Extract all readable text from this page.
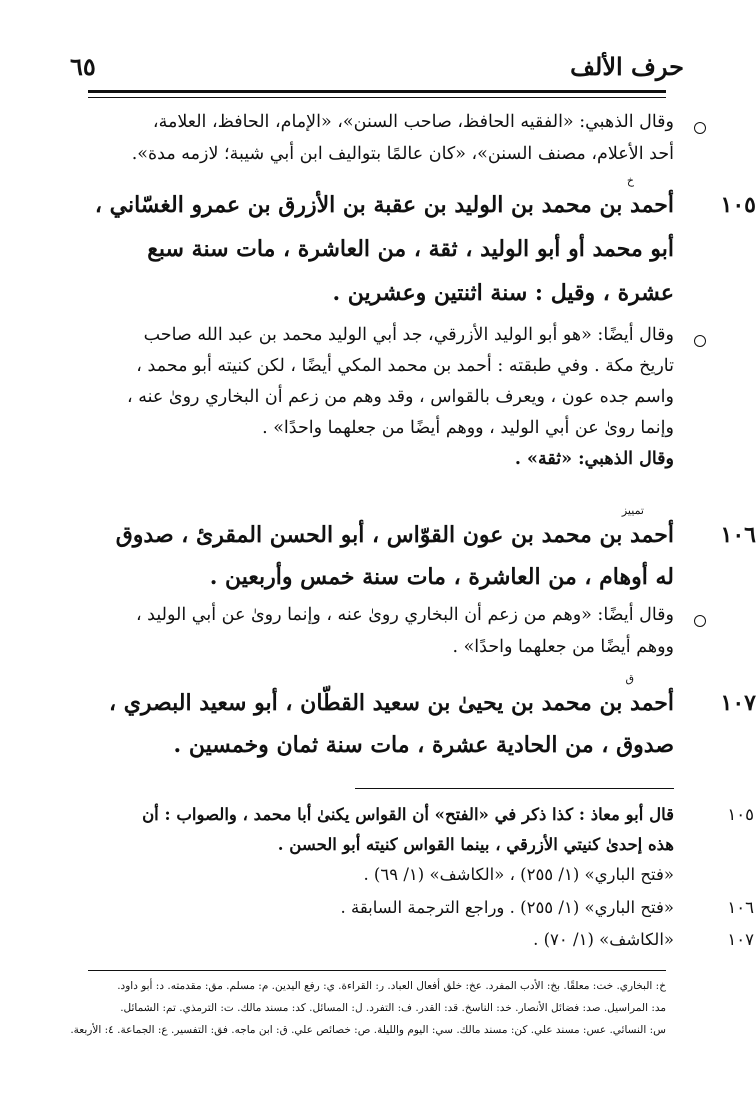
حرف الألف
٦٥
وقال الذهبي: «الفقيه الحافظ، صاحب السنن»، «الإمام، الحافظ، العلامة،
أحد الأعلام، مصنف السنن»، «كان عالمًا بتواليف ابن أبي شيبة؛ لازمه مدة».
خ
١٠٥
أحمد بن محمد بن الوليد بن عقبة بن الأزرق بن عمرو الغسّاني ،
أبو محمد أو أبو الوليد ، ثقة ، من العاشرة ، مات سنة سبع
عشرة ، وقيل : سنة اثنتين وعشرين .
وقال أيضًا: «هو أبو الوليد الأزرقي، جد أبي الوليد محمد بن عبد الله صاحب
تاريخ مكة . وفي طبقته : أحمد بن محمد المكي أيضًا ، لكن كنيته أبو محمد ،
واسم جده عون ، ويعرف بالقواس ، وقد وهم من زعم أن البخاري روىٰ عنه ،
وإنما روىٰ عن أبي الوليد ، ووهم أيضًا من جعلهما واحدًا» .
وقال الذهبي: «ثقة» .
تمييز
١٠٦
أحمد بن محمد بن عون القوّاس ، أبو الحسن المقرئ ، صدوق
له أوهام ، من العاشرة ، مات سنة خمس وأربعين .
وقال أيضًا: «وهم من زعم أن البخاري روىٰ عنه ، وإنما روىٰ عن أبي الوليد ،
ووهم أيضًا من جعلهما واحدًا» .
ق
١٠٧
أحمد بن محمد بن يحيىٰ بن سعيد القطّان ، أبو سعيد البصري ،
صدوق ، من الحادية عشرة ، مات سنة ثمان وخمسين .
١٠٥
قال أبو معاذ : كذا ذكر في «الفتح» أن القواس يكنىٰ أبا محمد ، والصواب : أن
هذه إحدىٰ كنيتي الأزرقي ، بينما القواس كنيته أبو الحسن .
«فتح الباري» (١/ ٢٥٥) ، «الكاشف» (١/ ٦٩) .
١٠٦
«فتح الباري» (١/ ٢٥٥) . وراجع الترجمة السابقة .
١٠٧
«الكاشف» (١/ ٧٠) .
خ: البخاري. خت: معلقًا. بخ: الأدب المفرد. عخ: خلق أفعال العباد. ر: القراءة. ي: رفع اليدين. م: مسلم. مق: مقدمته. د: أبو داود.
مد: المراسيل. صد: فضائل الأنصار. خد: الناسخ. قد: القدر. ف: التفرد. ل: المسائل. كد: مسند مالك. ت: الترمذي. تم: الشمائل.
س: النسائي. عس: مسند علي. كن: مسند مالك. سي: اليوم والليلة. ص: خصائص علي. ق: ابن ماجه. فق: التفسير. ع: الجماعة. ٤: الأربعة.
